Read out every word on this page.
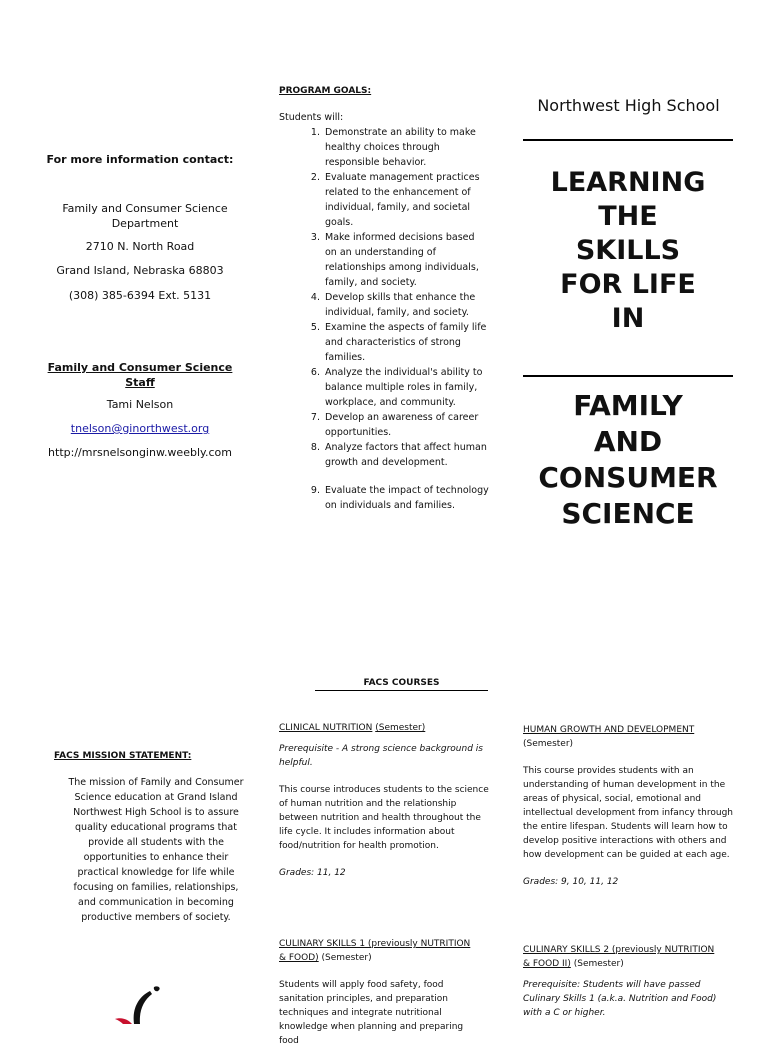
For more information contact:
Family and Consumer Science Department
2710 N. North Road
Grand Island, Nebraska 68803
(308) 385-6394 Ext. 5131
Family and Consumer Science Staff
Tami Nelson
tnelson@ginorthwest.org
http://mrsnelsonginw.weebly.com
PROGRAM GOALS:
Students will:
1. Demonstrate an ability to make healthy choices through responsible behavior.
2. Evaluate management practices related to the enhancement of individual, family, and societal goals.
3. Make informed decisions based on an understanding of relationships among individuals, family, and society.
4. Develop skills that enhance the individual, family, and society.
5. Examine the aspects of family life and characteristics of strong families.
6. Analyze the individual's ability to balance multiple roles in family, workplace, and community.
7. Develop an awareness of career opportunities.
8. Analyze factors that affect human growth and development.
9. Evaluate the impact of technology on individuals and families.
Northwest High School
LEARNING
THE
SKILLS
FOR LIFE
IN
FAMILY
AND
CONSUMER
SCIENCE
FACS MISSION STATEMENT:
The mission of Family and Consumer Science education at Grand Island Northwest High School is to assure quality educational programs that provide all students with the opportunities to enhance their practical knowledge for life while focusing on families, relationships, and communication in becoming productive members of society.
FACS COURSES

CLINICAL NUTRITION (Semester)

Prerequisite - A strong science background is helpful.

This course introduces students to the science of human nutrition and the relationship between nutrition and health throughout the life cycle. It includes information about food/nutrition for health promotion.

Grades: 11, 12

CULINARY SKILLS 1 (previously NUTRITION & FOOD) (Semester)

Students will apply food safety, food sanitation principles, and preparation techniques and integrate nutritional knowledge when planning and preparing food

HUMAN GROWTH AND DEVELOPMENT (Semester)

This course provides students with an understanding of human development in the areas of physical, social, emotional and intellectual development from infancy through the entire lifespan. Students will learn how to develop positive interactions with others and how development can be guided at each age.

Grades: 9, 10, 11, 12

CULINARY SKILLS 2 (previously NUTRITION & FOOD II) (Semester)

Prerequisite: Students will have passed Culinary Skills 1 (a.k.a. Nutrition and Food) with a C or higher.
